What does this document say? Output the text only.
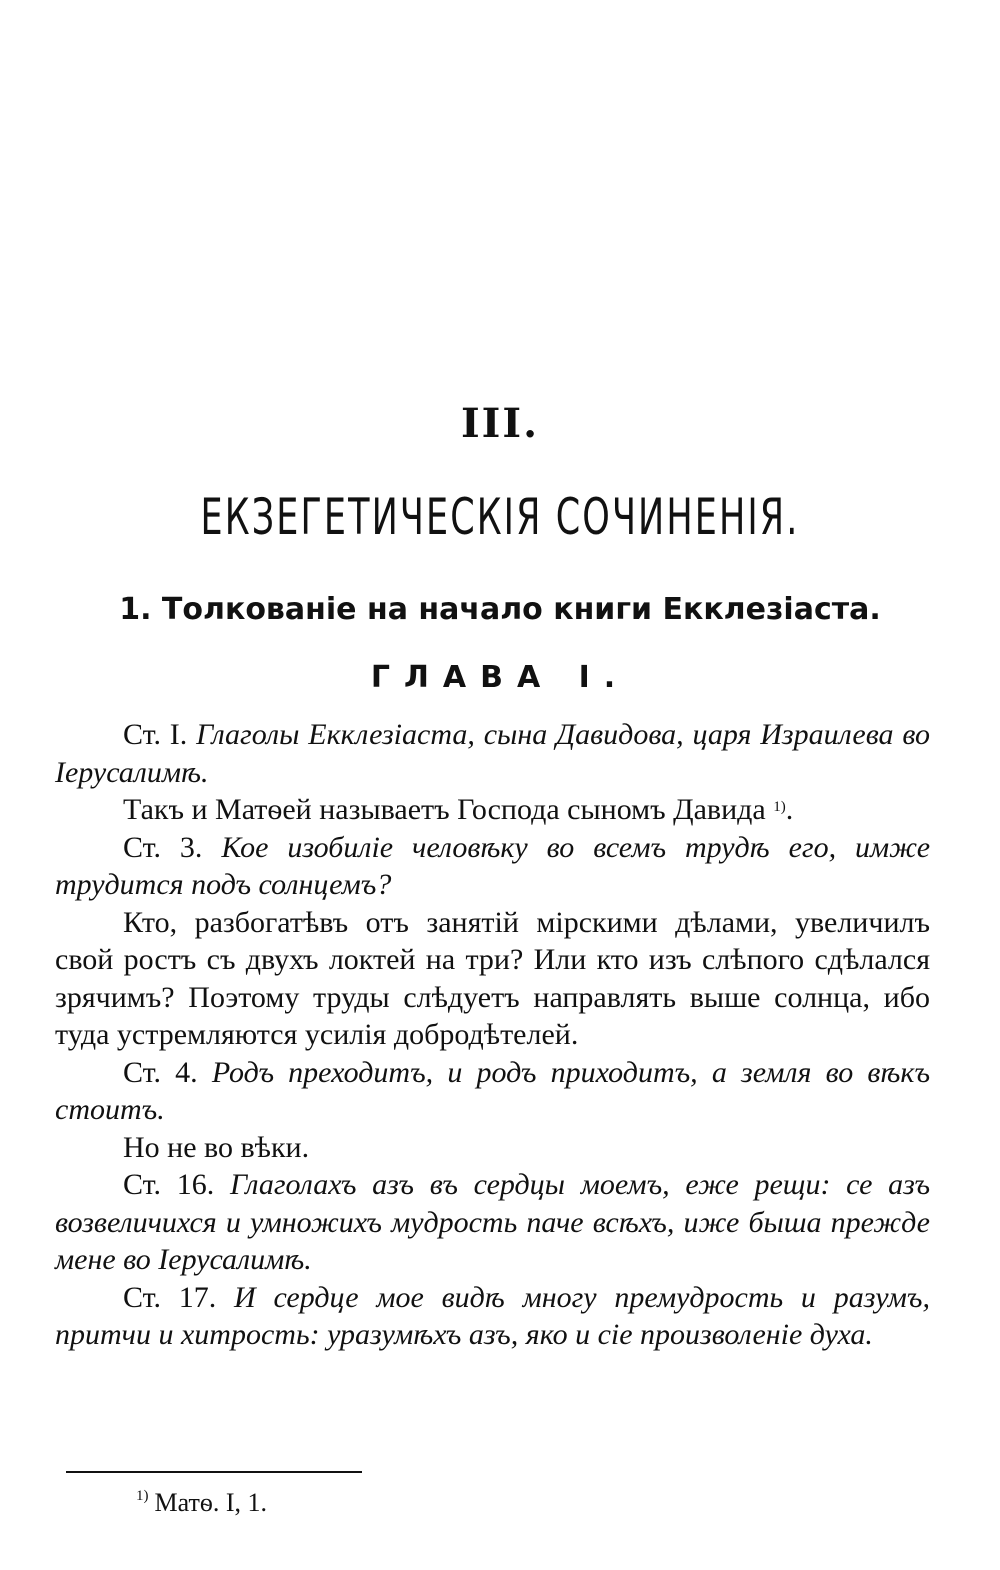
III.
ЕКЗЕГЕТИЧЕСКІЯ СОЧИНЕНІЯ.
1. Толкованіе на начало книги Екклезіаста.
ГЛАВА I.

Ст. I. Глаголы Екклезіаста, сына Давидова, царя Израилева во Іерусалимѣ.

Такъ и Матѳей называетъ Господа сыномъ Давида $^{1)}$.

Ст. 3. Кое изобиліе человѣку во всемъ трудѣ его, имже трудится подъ солнцемъ?

Кто, разбогатѣвъ отъ занятій мірскими дѣлами, увеличилъ свой ростъ съ двухъ локтей на три? Или кто изъ слѣпого сдѣлался зрячимъ? Поэтому труды слѣдуетъ направлять выше солнца, ибо туда устремляются усилія добродѣтелей.

Ст. 4. Родъ преходитъ, и родъ приходитъ, а земля во вѣкъ стоитъ.

Но не во вѣки.

Ст. 16. Глаголахъ азъ въ сердцы моемъ, еже рещи: се азъ возвеличихся и умножихъ мудрость паче всѣхъ, иже быша прежде мене во Іерусалимѣ.

Ст. 17. И сердце мое видѣ многу премудрость и разумъ, притчи и хитрость: уразумѣхъ азъ, яко и сіе произволеніе духа.

$^{1)}$ Матѳ. I, 1.
